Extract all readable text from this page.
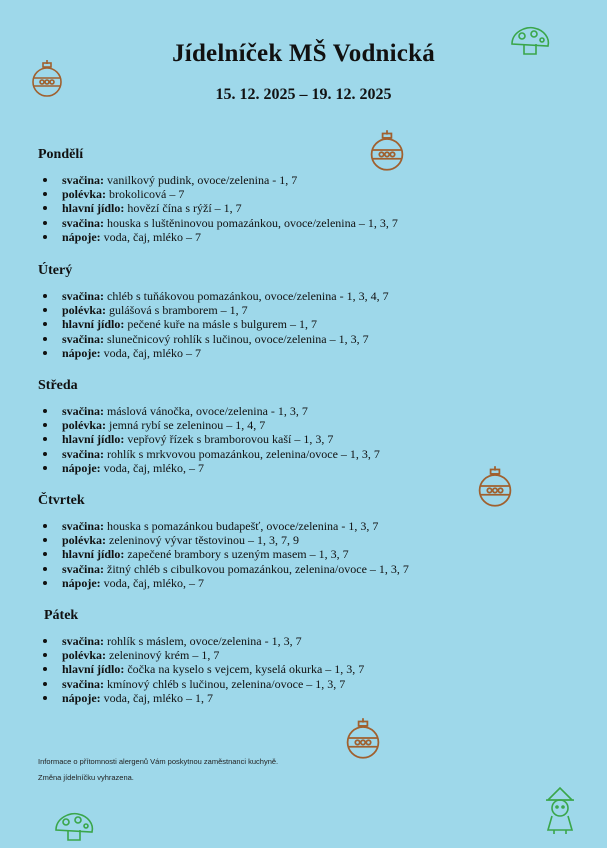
Jídelníček MŠ Vodnická
15. 12. 2025 – 19. 12. 2025
Pondělí
svačina: vanilkový pudink, ovoce/zelenina - 1, 7
polévka: brokolicová – 7
hlavní jídlo: hovězí čína s rýží – 1, 7
svačina: houska s luštěninovou pomazánkou, ovoce/zelenina – 1, 3, 7
nápoje: voda, čaj, mléko – 7
Úterý
svačina: chléb s tuňákovou pomazánkou, ovoce/zelenina - 1, 3, 4, 7
polévka: gulášová s bramborem – 1, 7
hlavní jídlo: pečené kuře na másle s bulgurem – 1, 7
svačina: slunečnicový rohlík s lučinou, ovoce/zelenina – 1, 3, 7
nápoje: voda, čaj, mléko – 7
Středa
svačina: máslová vánočka, ovoce/zelenina - 1, 3, 7
polévka: jemná rybí se zeleninou – 1, 4, 7
hlavní jídlo: vepřový řízek s bramborovou kaší – 1, 3, 7
svačina: rohlík s mrkvovou pomazánkou, zelenina/ovoce – 1, 3, 7
nápoje: voda, čaj, mléko, – 7
Čtvrtek
svačina: houska s pomazánkou budapešť, ovoce/zelenina - 1, 3, 7
polévka: zeleninový vývar těstovinou – 1, 3, 7, 9
hlavní jídlo: zapečené brambory s uzeným masem – 1, 3, 7
svačina: žitný chléb s cibulkovou pomazánkou, zelenina/ovoce – 1, 3, 7
nápoje: voda, čaj, mléko, – 7
Pátek
svačina: rohlík s máslem, ovoce/zelenina - 1, 3, 7
polévka: zeleninový krém – 1, 7
hlavní jídlo: čočka na kyselo s vejcem, kyselá okurka – 1, 3, 7
svačina: kmínový chléb s lučinou, zelenina/ovoce – 1, 3, 7
nápoje: voda, čaj, mléko – 1, 7
Informace o přítomnosti alergenů Vám poskytnou zaměstnanci kuchyně.
Změna jídelníčku vyhrazena.
